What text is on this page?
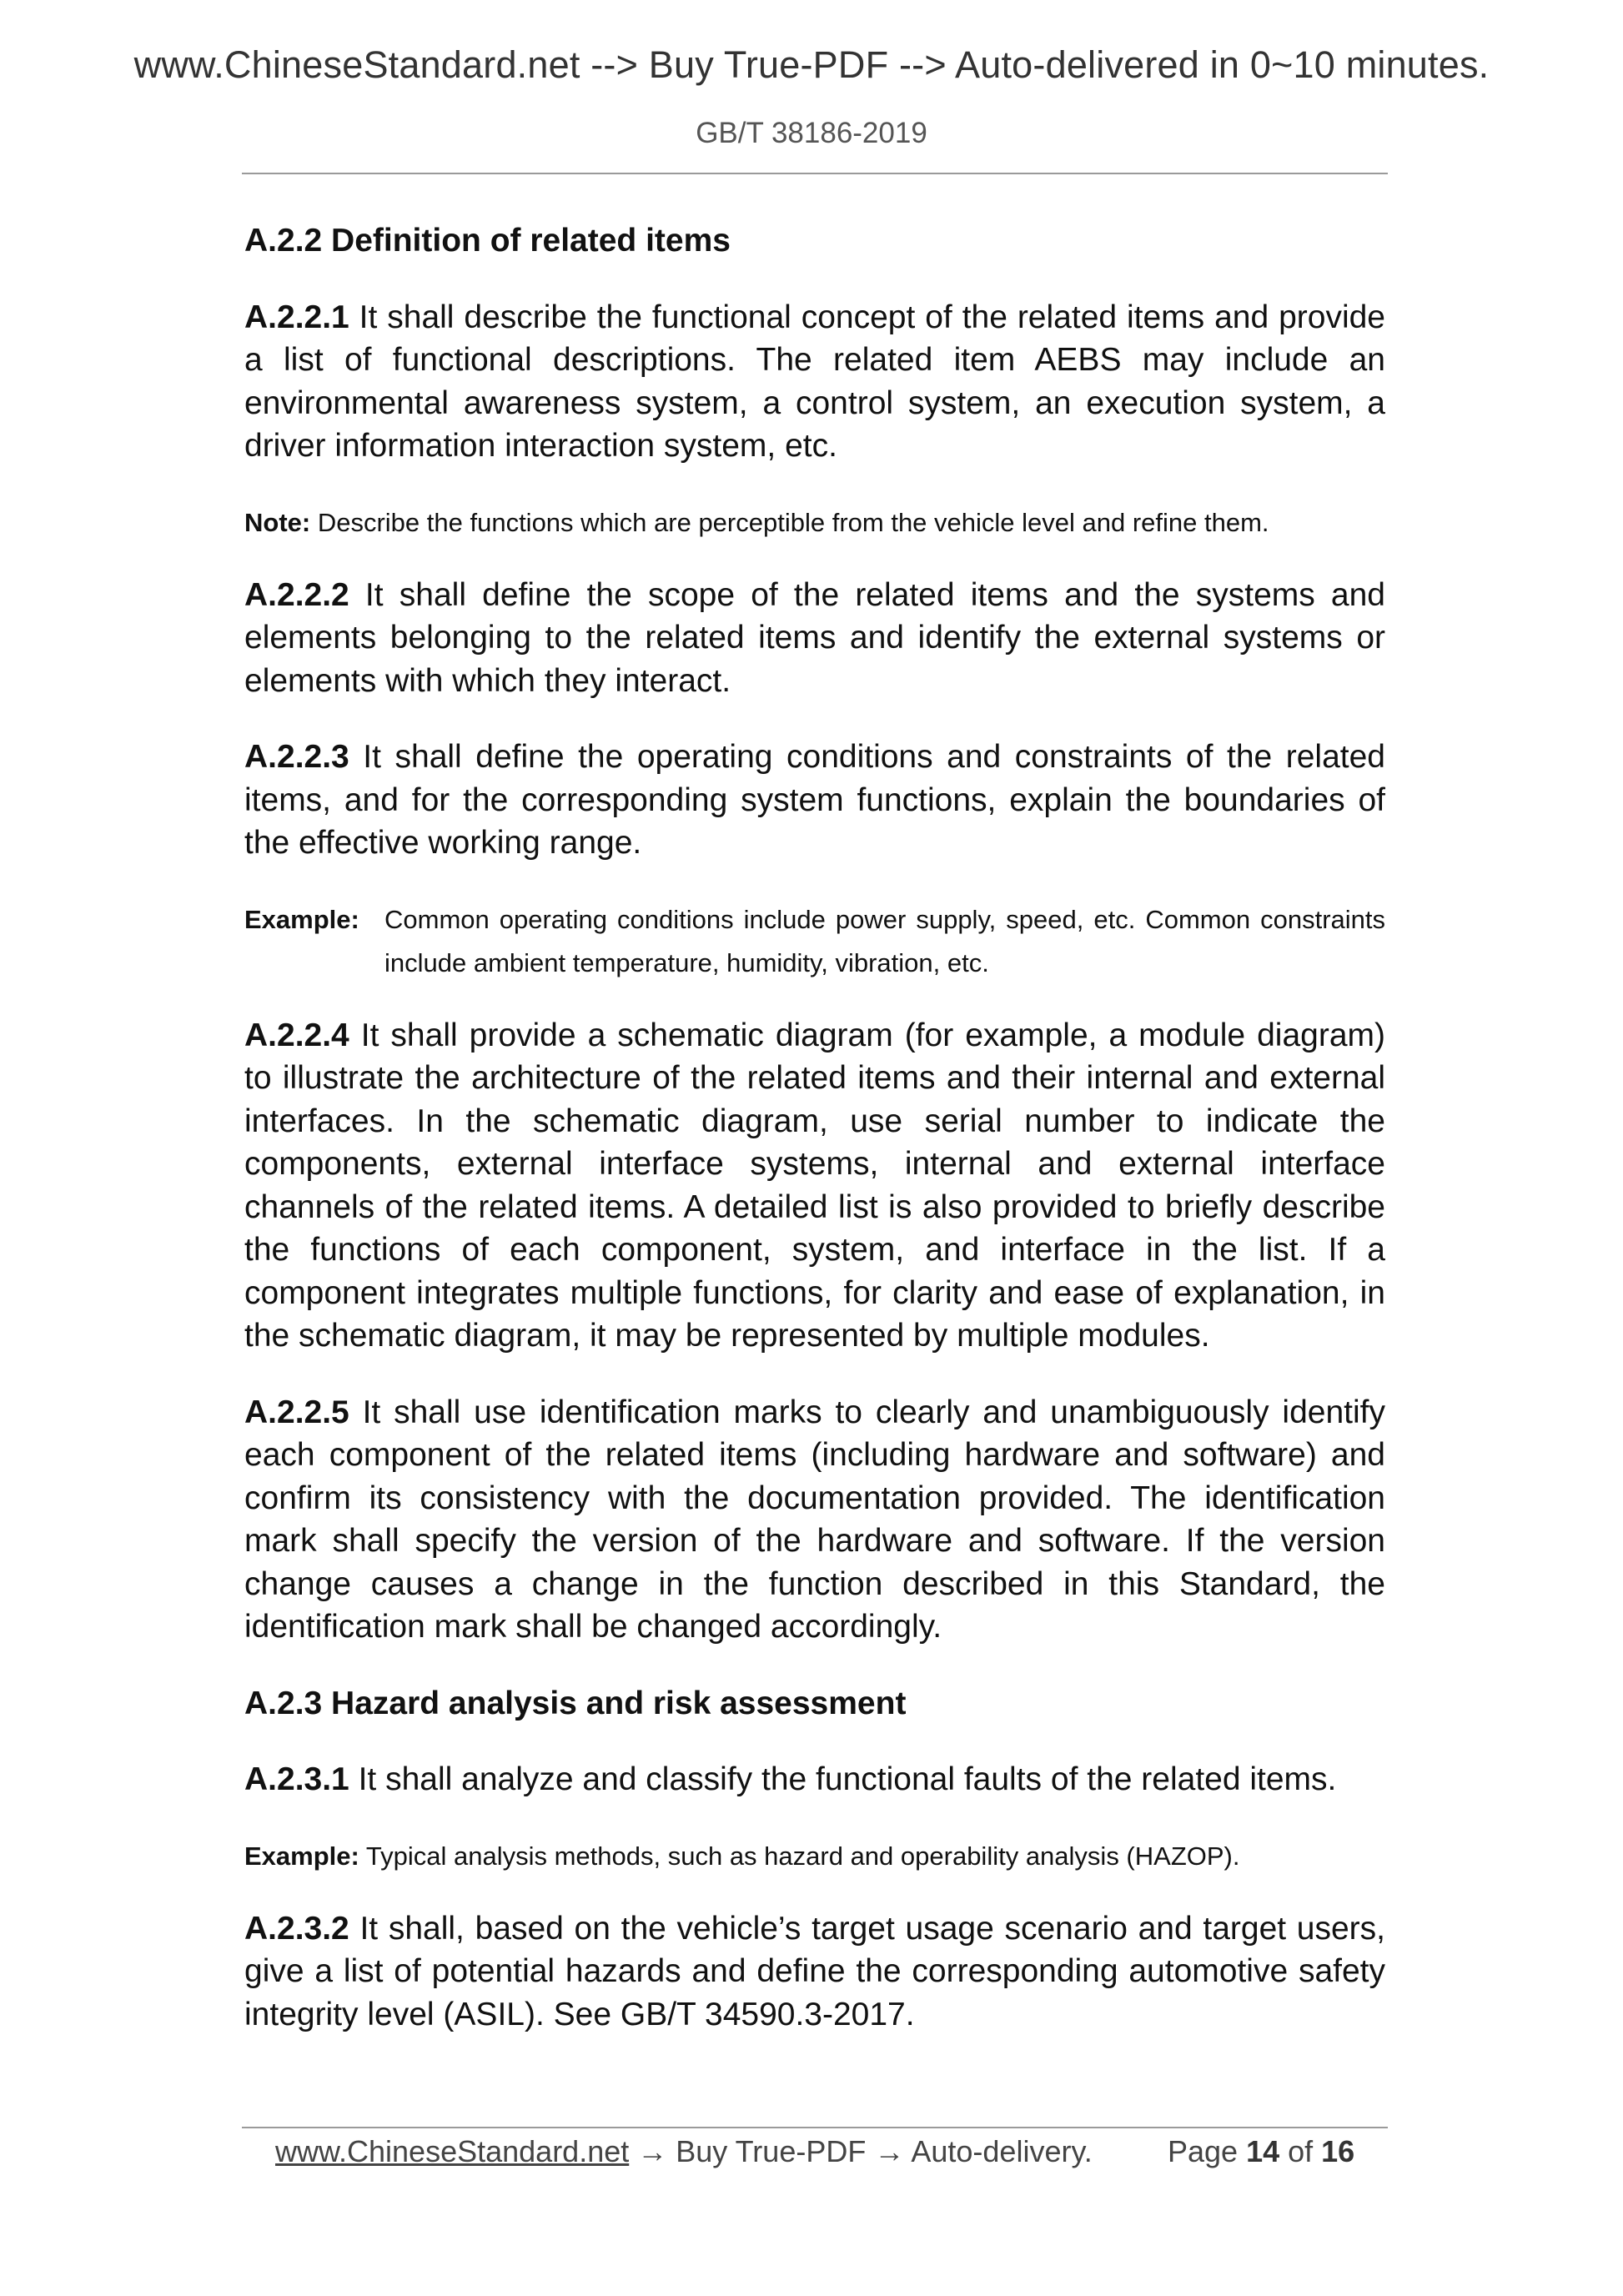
www.ChineseStandard.net --> Buy True-PDF --> Auto-delivered in 0~10 minutes.
GB/T 38186-2019
A.2.2 Definition of related items

A.2.2.1 It shall describe the functional concept of the related items and provide a list of functional descriptions. The related item AEBS may include an environmental awareness system, a control system, an execution system, a driver information interaction system, etc.

Note: Describe the functions which are perceptible from the vehicle level and refine them.

A.2.2.2 It shall define the scope of the related items and the systems and elements belonging to the related items and identify the external systems or elements with which they interact.

A.2.2.3 It shall define the operating conditions and constraints of the related items, and for the corresponding system functions, explain the boundaries of the effective working range.

Example: Common operating conditions include power supply, speed, etc. Common constraints include ambient temperature, humidity, vibration, etc.

A.2.2.4 It shall provide a schematic diagram (for example, a module diagram) to illustrate the architecture of the related items and their internal and external interfaces. In the schematic diagram, use serial number to indicate the components, external interface systems, internal and external interface channels of the related items. A detailed list is also provided to briefly describe the functions of each component, system, and interface in the list. If a component integrates multiple functions, for clarity and ease of explanation, in the schematic diagram, it may be represented by multiple modules.

A.2.2.5 It shall use identification marks to clearly and unambiguously identify each component of the related items (including hardware and software) and confirm its consistency with the documentation provided. The identification mark shall specify the version of the hardware and software. If the version change causes a change in the function described in this Standard, the identification mark shall be changed accordingly.

A.2.3 Hazard analysis and risk assessment

A.2.3.1 It shall analyze and classify the functional faults of the related items.

Example: Typical analysis methods, such as hazard and operability analysis (HAZOP).

A.2.3.2 It shall, based on the vehicle’s target usage scenario and target users, give a list of potential hazards and define the corresponding automotive safety integrity level (ASIL). See GB/T 34590.3-2017.

www.ChineseStandard.net → Buy True-PDF → Auto-delivery.	Page 14 of 16
